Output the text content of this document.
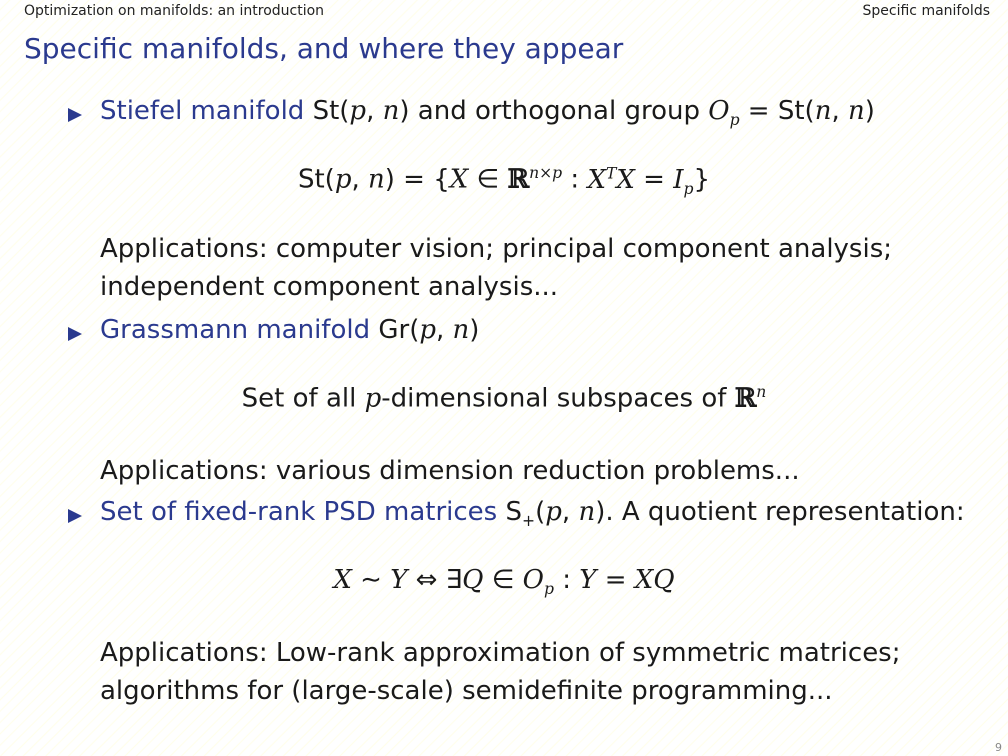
Optimization on manifolds: an introduction	Specific manifolds
Specific manifolds, and where they appear
Stiefel manifold St(p, n) and orthogonal group $O_p = St(n$, n)
St(p, n) = {X ∈ ℝ$^{n\times p}$ : $X^TX = I_p$}
Applications: computer vision; principal component analysis;
independent component analysis...
Grassmann manifold Gr(p, n)
Set of all p-dimensional subspaces of ℝ$^n$
Applications: various dimension reduction problems...
Set of fixed-rank PSD matrices $S_+(p$, n). A quotient representation:
X ∼ Y ⇔ ∃Q ∈ $O_p$ : Y = XQ
Applications: Low-rank approximation of symmetric matrices;
algorithms for (large-scale) semidefinite programming...
9
